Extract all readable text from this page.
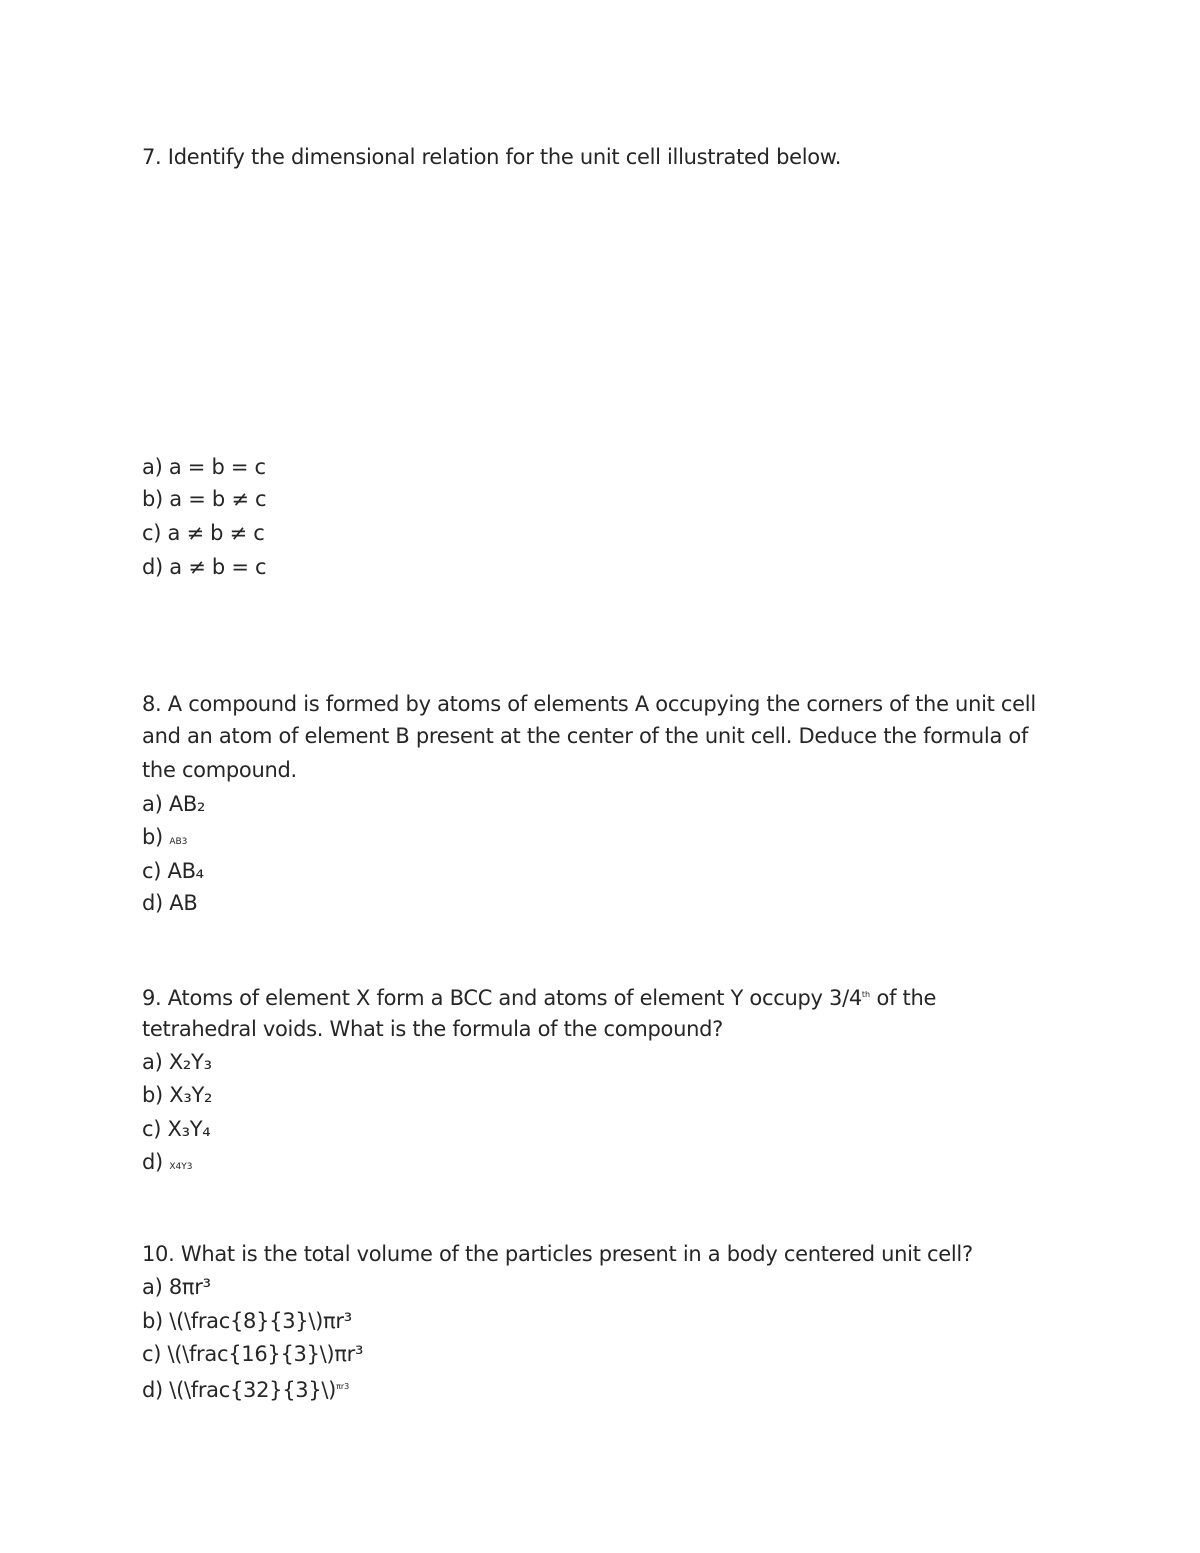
7. Identify the dimensional relation for the unit cell illustrated below.
a) a = b = c
b) a = b ≠ c
c) a ≠ b ≠ c
d) a ≠ b = c
8. A compound is formed by atoms of elements A occupying the corners of the unit cell
and an atom of element B present at the center of the unit cell. Deduce the formula of
the compound.
a) AB₂
b) AB3
c) AB₄
d) AB
9. Atoms of element X form a BCC and atoms of element Y occupy 3/4th of the
tetrahedral voids. What is the formula of the compound?
a) X₂Y₃
b) X₃Y₂
c) X₃Y₄
d) X4Y3
10. What is the total volume of the particles present in a body centered unit cell?
a) 8πr³
b) \(\frac{8}{3}\)πr³
c) \(\frac{16}{3}\)πr³
d) \(\frac{32}{3}\)$^{\pi r3}$
